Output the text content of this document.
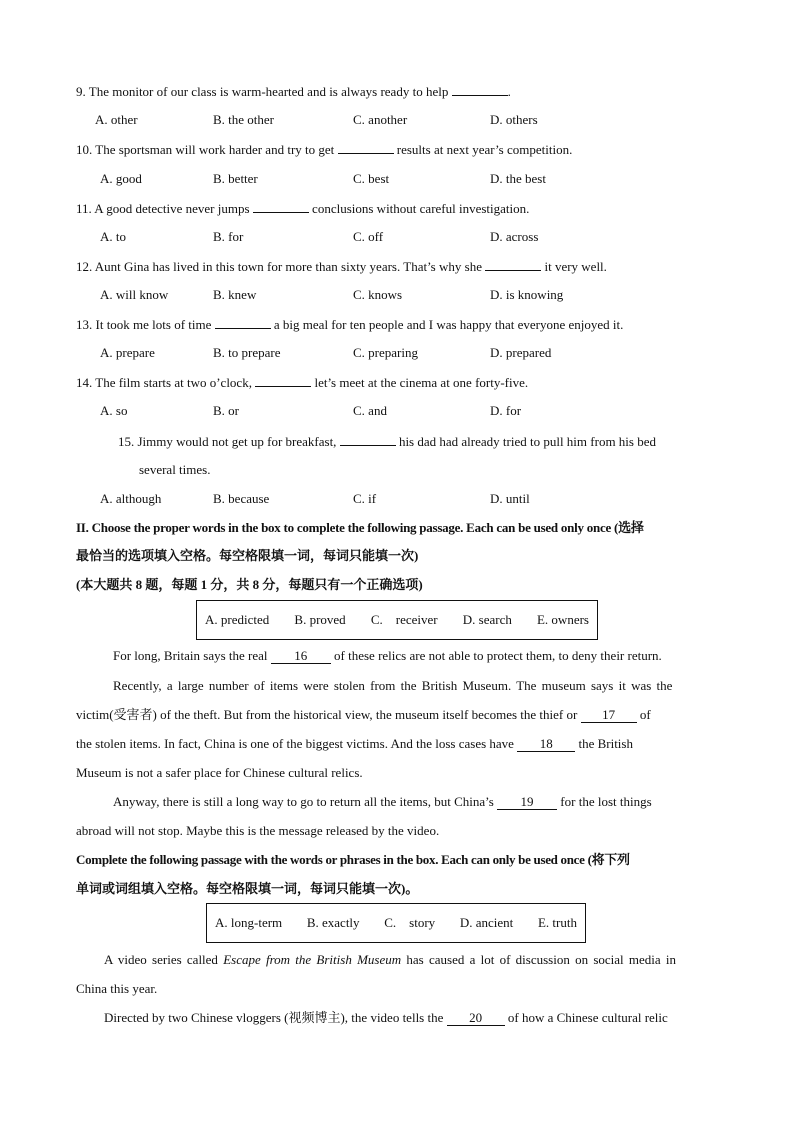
9. The monitor of our class is warm-hearted and is always ready to help	.
A. other	B. the other	C. another	D. others
10. The sportsman will work harder and try to get	results at next year’s competition.
A. good	B. better	C. best	D. the best
11. A good detective never jumps	conclusions without careful investigation.
A. to	B. for	C. off	D. across
12. Aunt Gina has lived in this town for more than sixty years. That’s why she	it very well.
A. will know	B. knew	C. knows	D. is knowing
13. It took me lots of time	a big meal for ten people and I was happy that everyone enjoyed it.
A. prepare	B. to prepare	C. preparing	D. prepared
14. The film starts at two o’clock,	let’s meet at the cinema at one forty-five.
A. so	B. or	C. and	D. for
15. Jimmy would not get up for breakfast,	his dad had already tried to pull him from his bed
several times.
A. although	B. because	C. if	D. until
II. Choose the proper words in the box to complete the following passage. Each can be used only once (选择
最恰当的选项填入空格。每空格限填一词，每词只能填一次)
(本大题共 8 题，每题 1 分，共 8 分，每题只有一个正确选项)
A. predicted B. proved C. receiver D. search E. owners
For long, Britain says the real 16 of these relics are not able to protect them, to deny their return.
Recently, a large number of items were stolen from the British Museum. The museum says it was the
victim(受害者) of the theft. But from the historical view, the museum itself becomes the thief or 17 of
the stolen items. In fact, China is one of the biggest victims. And the loss cases have 18 the British
Museum is not a safer place for Chinese cultural relics.
Anyway, there is still a long way to go to return all the items, but China’s 19 for the lost things
abroad will not stop. Maybe this is the message released by the video.
Complete the following passage with the words or phrases in the box. Each can only be used once (将下列
单词或词组填入空格。每空格限填一词，每词只能填一次)。
A. long-term B. exactly C. story D. ancient E. truth
A video series called Escape from the British Museum has caused a lot of discussion on social media in
China this year.
Directed by two Chinese vloggers (视频博主), the video tells the 20 of how a Chinese cultural relic
